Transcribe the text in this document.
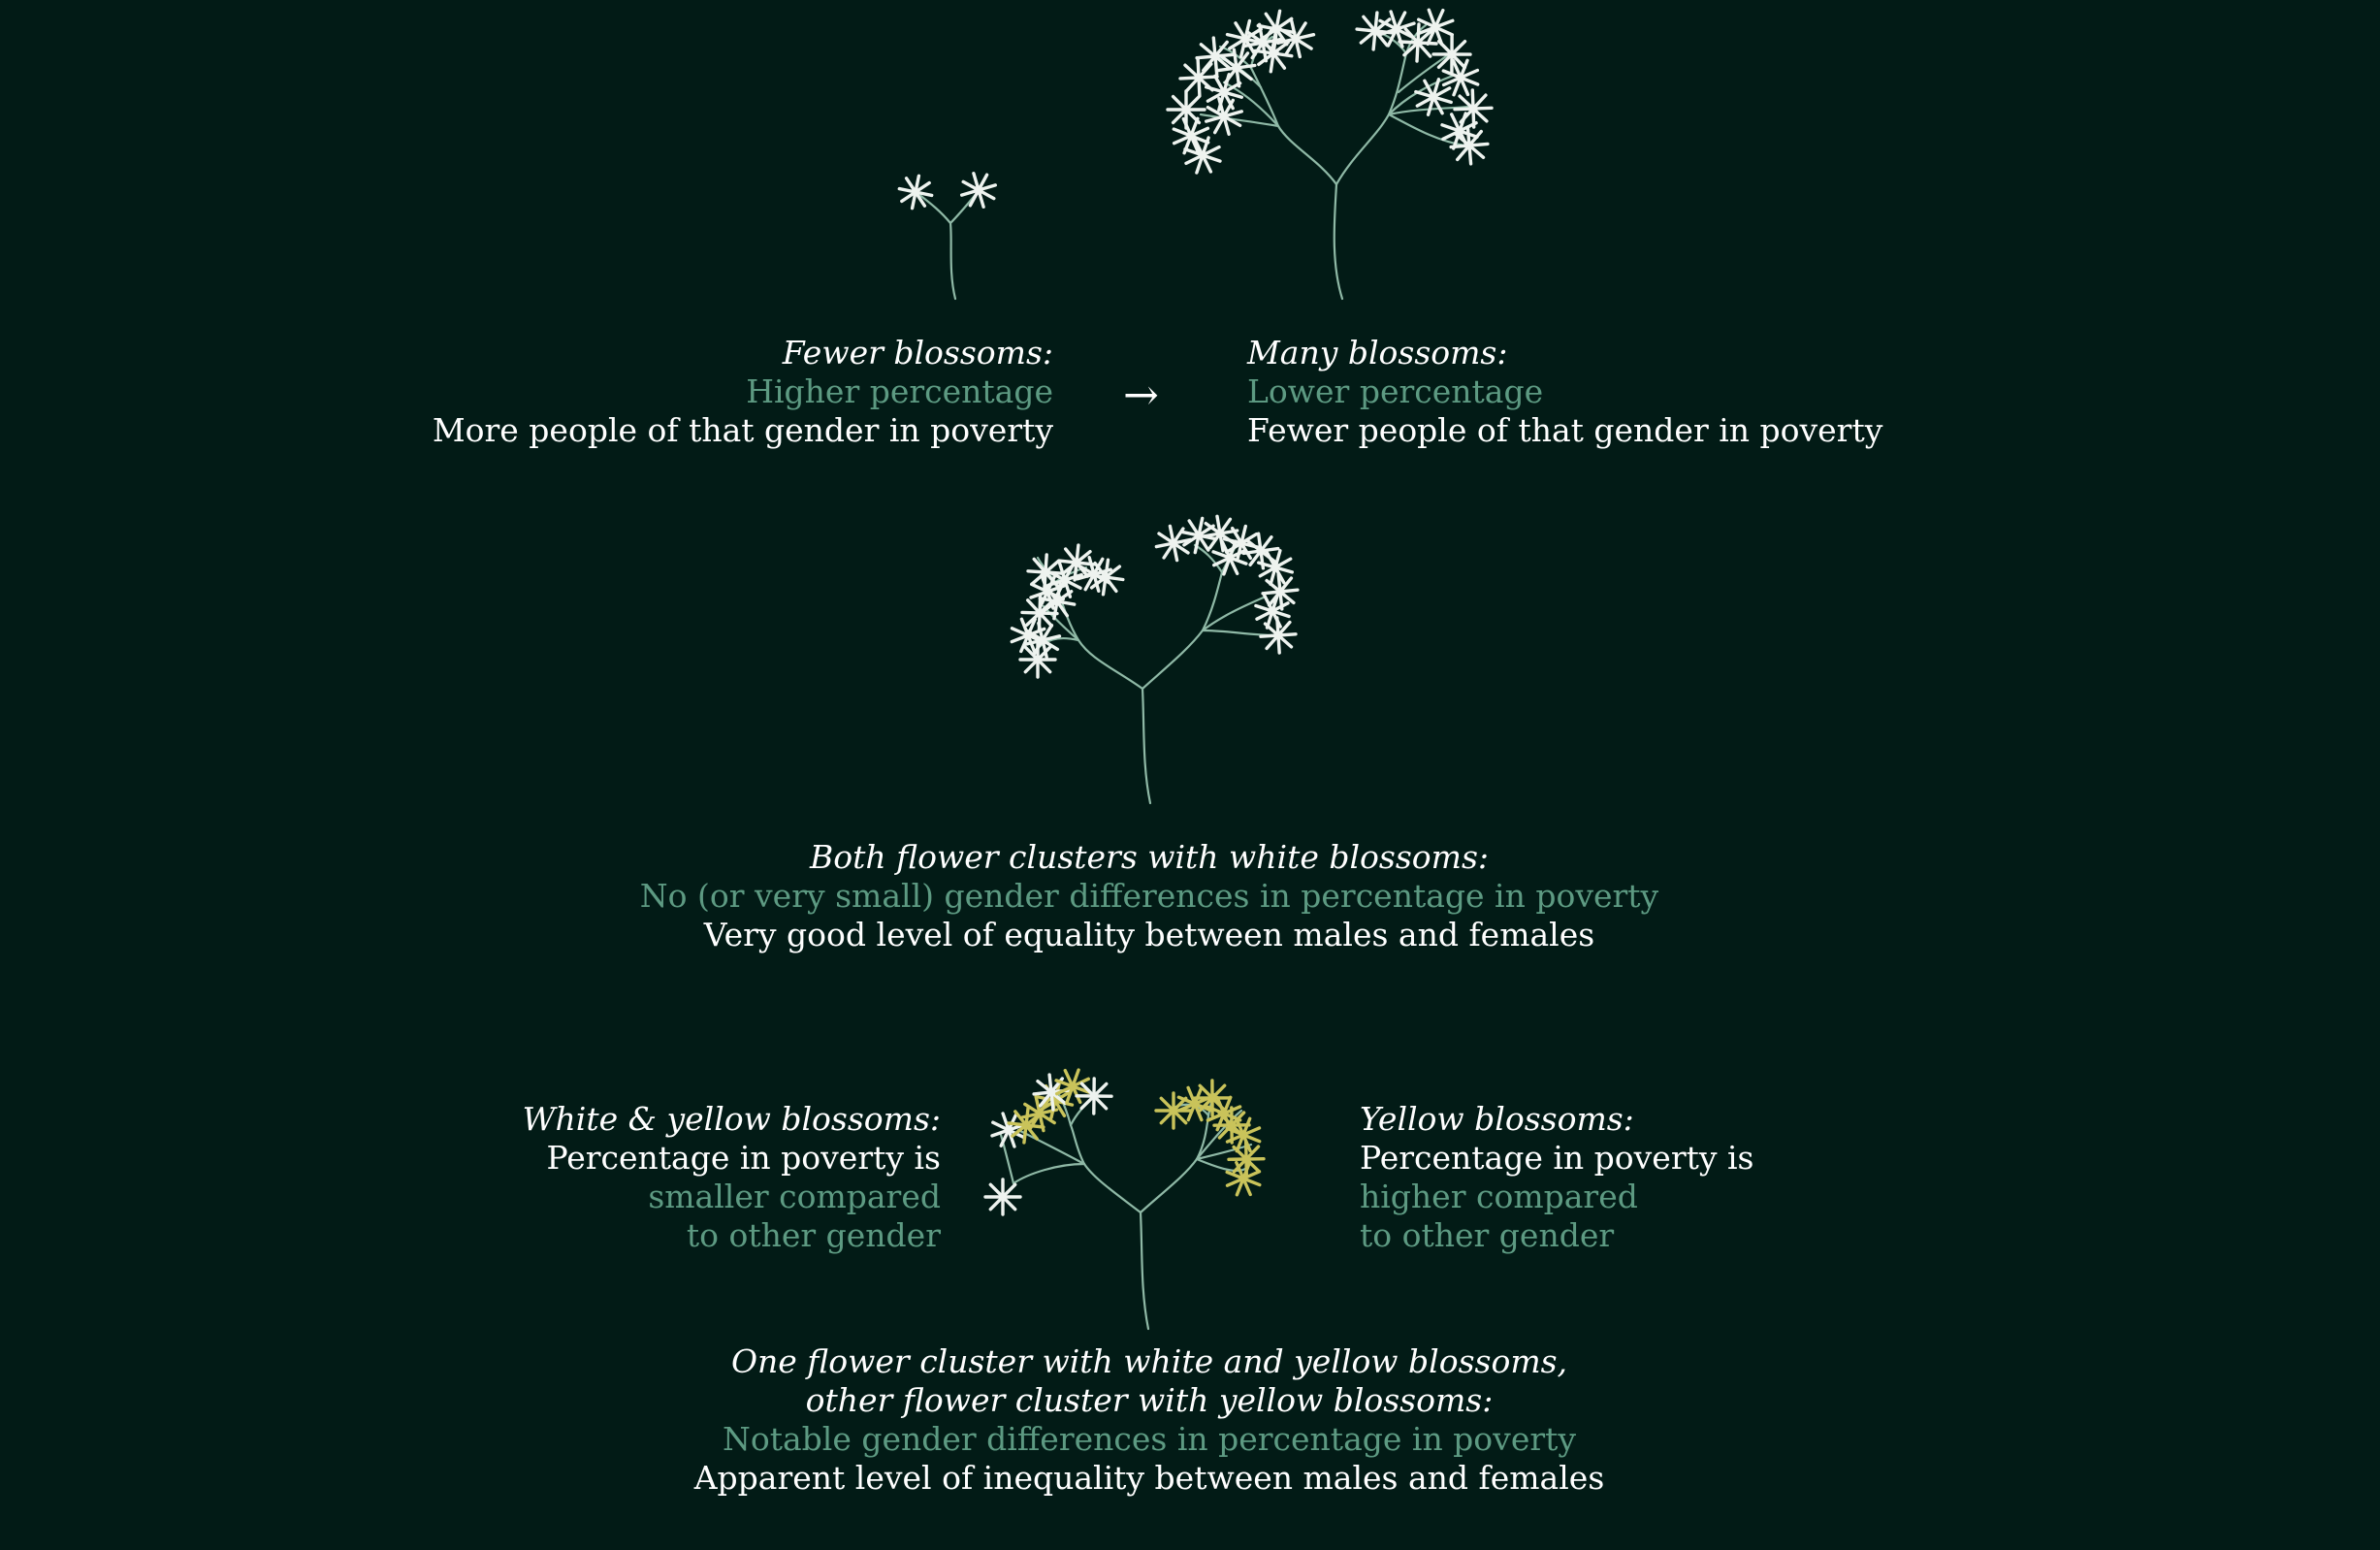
Fewer blossoms:
Higher percentage
More people of that gender in poverty
→
Many blossoms:
Lower percentage
Fewer people of that gender in poverty
Both flower clusters with white blossoms:
No (or very small) gender differences in percentage in poverty
Very good level of equality between males and females
White & yellow blossoms:
Percentage in poverty is
smaller compared
to other gender
Yellow blossoms:
Percentage in poverty is
higher compared
to other gender
One flower cluster with white and yellow blossoms,
other flower cluster with yellow blossoms:
Notable gender differences in percentage in poverty
Apparent level of inequality between males and females
